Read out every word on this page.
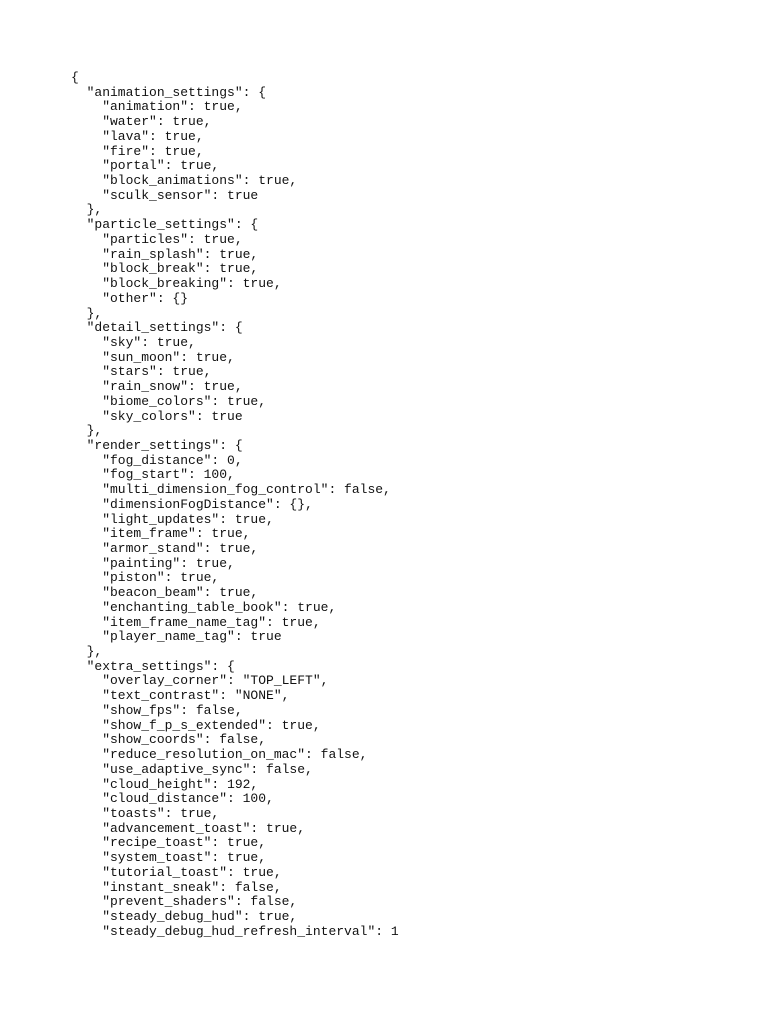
{
"animation_settings": {
"animation": true,
"water": true,
"lava": true,
"fire": true,
"portal": true,
"block_animations": true,
"sculk_sensor": true
},
"particle_settings": {
"particles": true,
"rain_splash": true,
"block_break": true,
"block_breaking": true,
"other": {}
},
"detail_settings": {
"sky": true,
"sun_moon": true,
"stars": true,
"rain_snow": true,
"biome_colors": true,
"sky_colors": true
},
"render_settings": {
"fog_distance": 0,
"fog_start": 100,
"multi_dimension_fog_control": false,
"dimensionFogDistance": {},
"light_updates": true,
"item_frame": true,
"armor_stand": true,
"painting": true,
"piston": true,
"beacon_beam": true,
"enchanting_table_book": true,
"item_frame_name_tag": true,
"player_name_tag": true
},
"extra_settings": {
"overlay_corner": "TOP_LEFT",
"text_contrast": "NONE",
"show_fps": false,
"show_f_p_s_extended": true,
"show_coords": false,
"reduce_resolution_on_mac": false,
"use_adaptive_sync": false,
"cloud_height": 192,
"cloud_distance": 100,
"toasts": true,
"advancement_toast": true,
"recipe_toast": true,
"system_toast": true,
"tutorial_toast": true,
"instant_sneak": false,
"prevent_shaders": false,
"steady_debug_hud": true,
"steady_debug_hud_refresh_interval": 1
